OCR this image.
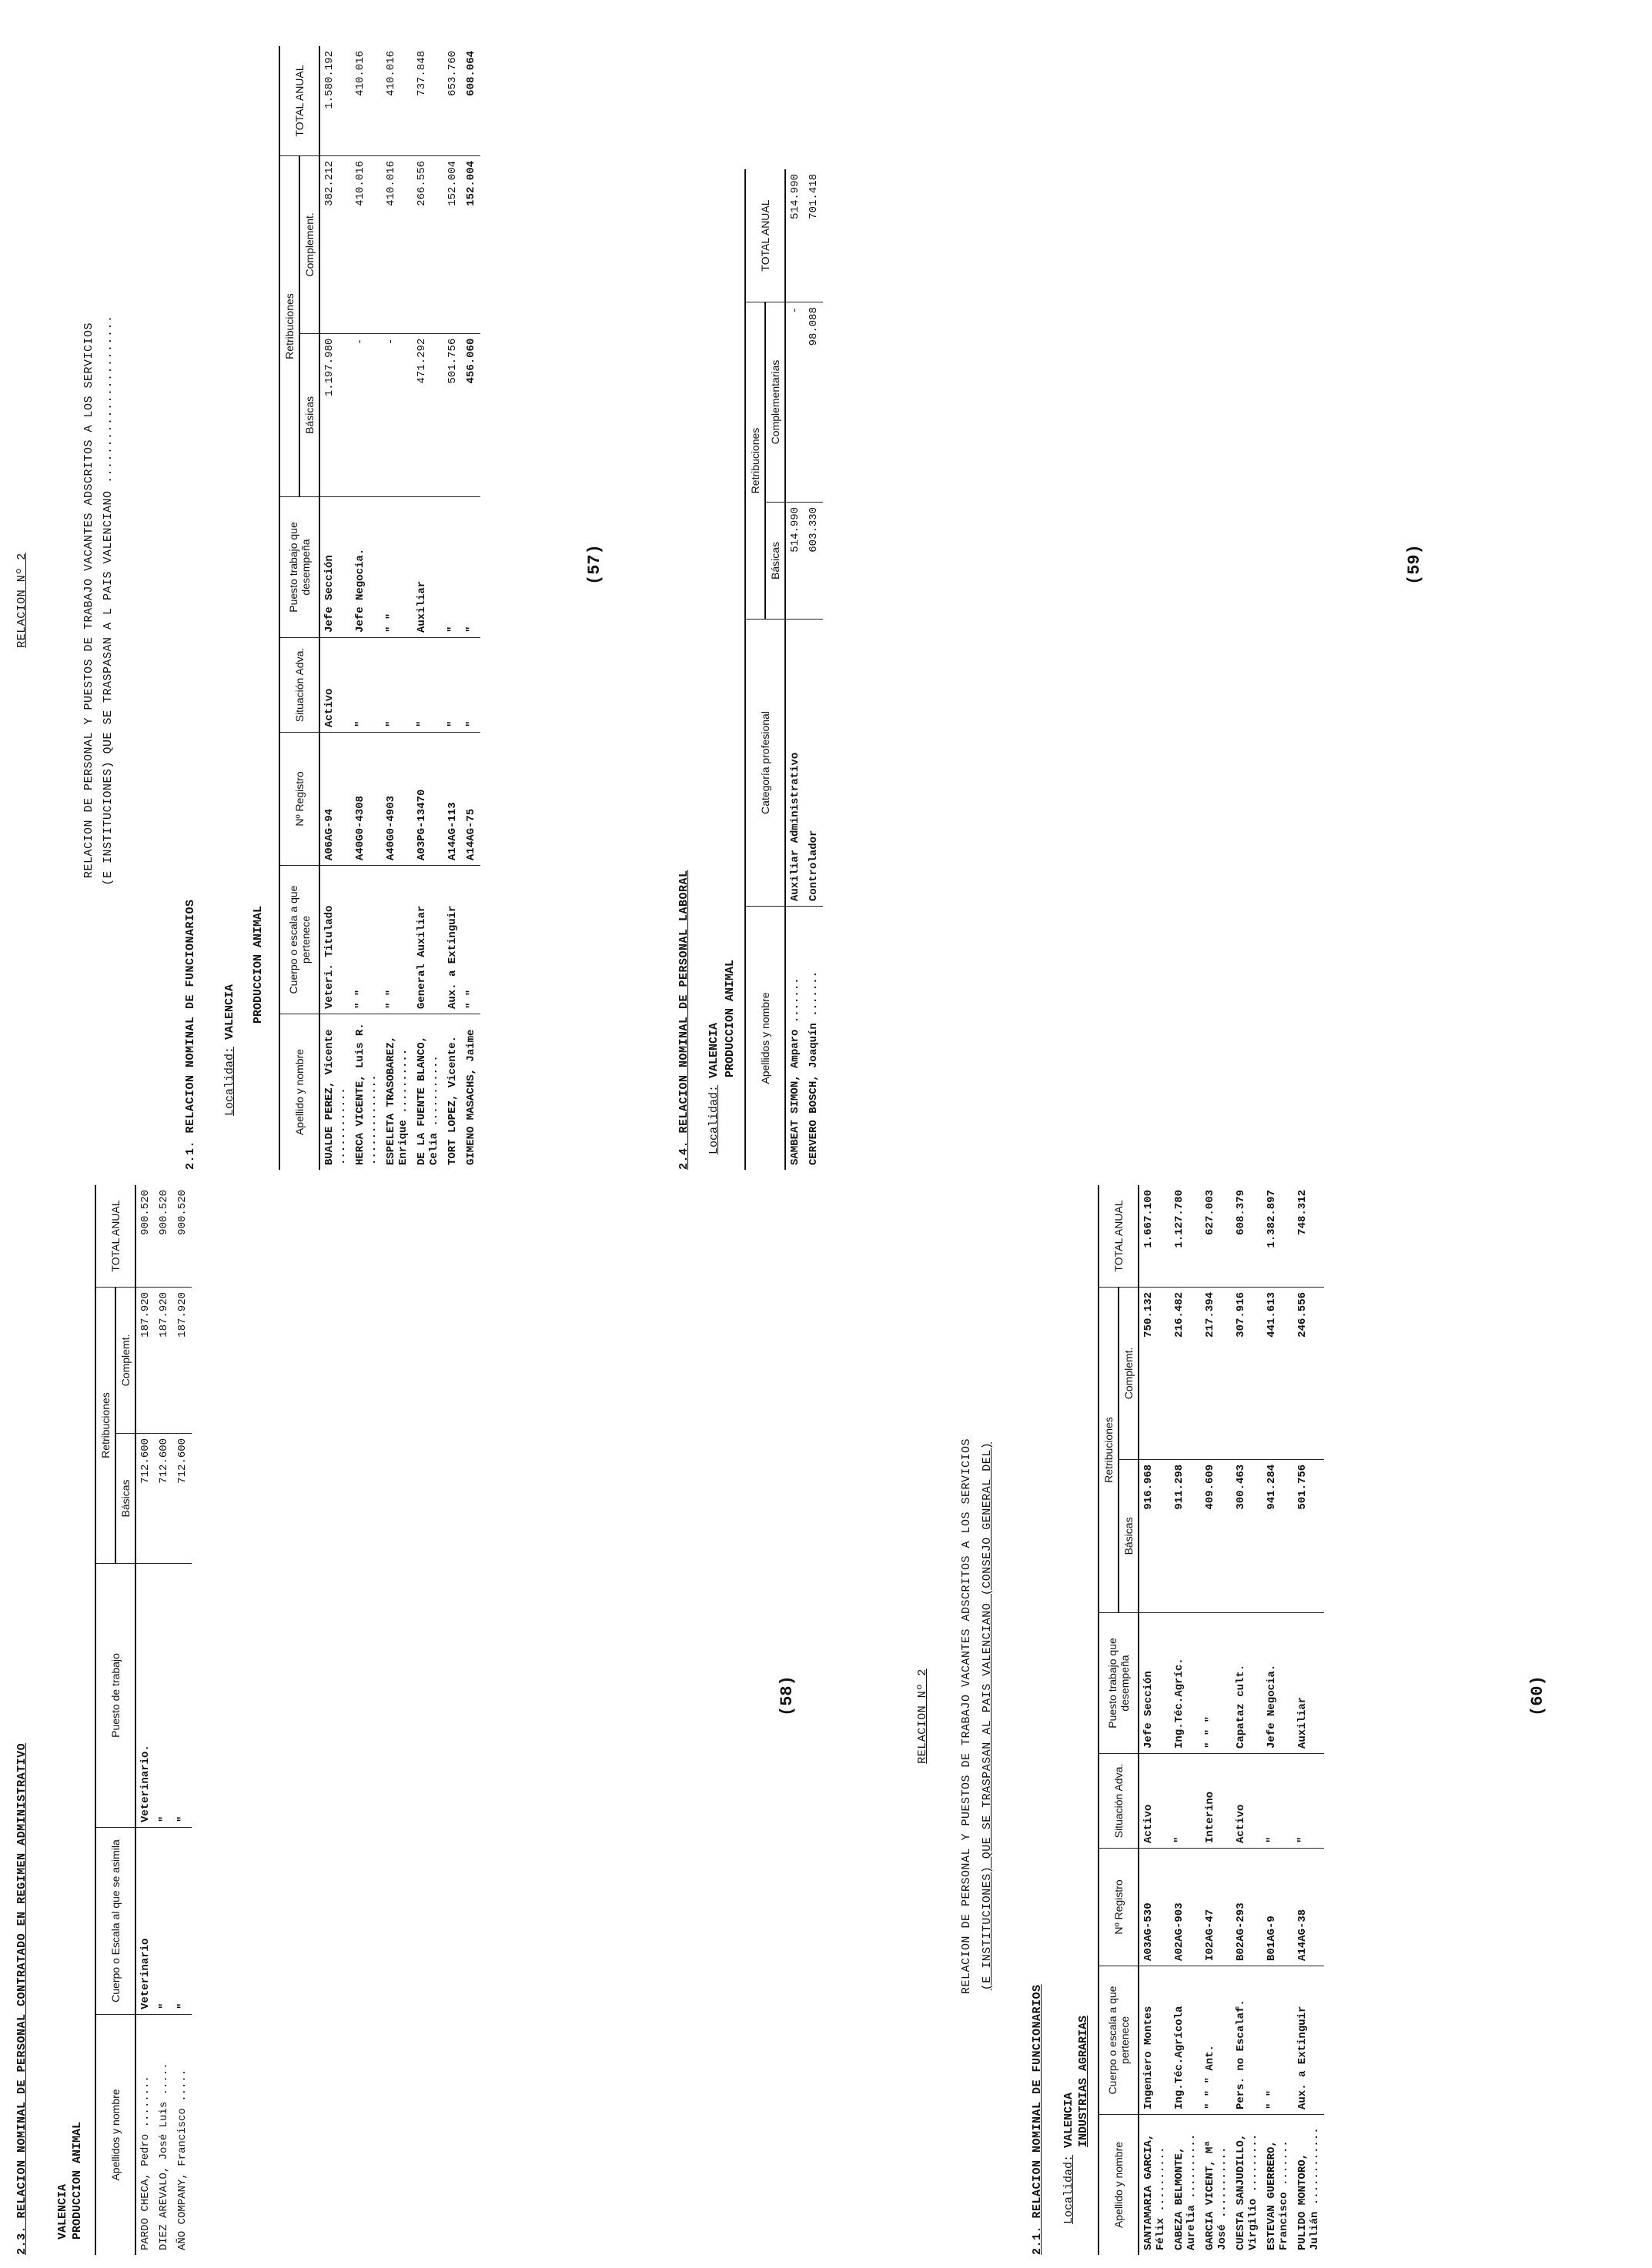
RELACION Nº 2	RELACION DE PERSONAL Y PUESTOS DE TRABAJO VACANTES ADSCRITOS A LOS SERVICIOS (E INSTITUCIONES) QUE SE TRASPASAN A L PAIS VALENCIANO .......................
2.1. RELACION NOMINAL DE FUNCIONARIOS Localidad: VALENCIA PRODUCCION ANIMAL
Apellido y nombre	Cuerpo o escala a que pertenece	Nº Registro	Situación Adva.	Puesto trabajo que desempeña	Retribuciones		TOTAL ANUAL
					Básicas	Complement.	
BUALDE PEREZ, Vicente ............	Veteri. Titulado	A06AG-94	Activo	Jefe Sección	1.197.980	382.212	1.580.192
HERCA VICENTE, Luis R. ..............	" "	A40G0-4308	"	Jefe Negocia.	-	410.016	410.016
ESPELETA TRASOBAREZ, Enrique ..........	" "	A40G0-4903	"	" "	-	410.016	410.016
DE LA FUENTE BLANCO, Celia ...........	General Auxiliar	A03PG-13470	"	Auxiliar	471.292	266.556	737.848
TORT LOPEZ, Vicente.	Aux. a Extinguir	A14AG-113	"	"	501.756	152.004	653.760
GIMENO MASACHS, Jaime	" "	A14AG-75	"	"	456.060	152.004	608.064
(57)
2.4. RELACION NOMINAL DE PERSONAL LABORAL Localidad: VALENCIA PRODUCCION ANIMAL Apellidos y nombre	Categoría profesional	Retribuciones		TOTAL ANUAL
		Básicas	Complementarias	
SAMBEAT SIMON, Amparo .......	Auxiliar Administrativo	514.990	-	514.990
CERVERO BOSCH, Joaquín .......	Controlador	603.330	98.088	701.418
(59)
2.3. RELACION NOMINAL DE PERSONAL CONTRATADO EN REGIMEN ADMINISTRATIVO VALENCIA PRODUCCION ANIMAL Apellidos y nombre	Cuerpo o Escala al que se asimila	Puesto de trabajo	Retribuciones		TOTAL ANUAL
			Básicas	Complemt.	
PARDO CHECA, Pedro ........	Veterinario	Veterinario.	712.600	187.920	900.520
DIEZ AREVALO, José Luis .....	"	"	712.600	187.920	900.520
AÑO COMPANY, Francisco .....	"	"	712.600	187.920	900.520
(58)	RELACION Nº 2	RELACION DE PERSONAL Y PUESTOS DE TRABAJO VACANTES ADSCRITOS A LOS SERVICIOS (E INSTITUCIONES) QUE SE TRASPASAN AL PAIS VALENCIANO (CONSEJO GENERAL DEL)
2.1. RELACION NOMINAL DE FUNCIONARIOS Localidad: VALENCIA INDUSTRIAS AGRARIAS
Apellido y nombre	Cuerpo o escala a que pertenece	Nº Registro	Situación Adva.	Puesto trabajo que desempeña	Retribuciones		TOTAL ANUAL
					Básicas	Complemt.	
SANTAMARIA GARCIA, Félix ..........	Ingeniero Montes	A03AG-530	Activo	Jefe Sección	916.968	750.132	1.667.100
CABEZA BELMONTE, Aurelia ..........	Ing.Téc.Agrícola	A02AG-903	"	Ing.Téc.Agríc.	911.298	216.482	1.127.780
GARCIA VICENT, Mª José ...........	" " " Ant.	I02AG-47	Interino	" " "	409.609	217.394	627.003
CUESTA SANJUDILLO, Virgilio .........	Pers. no Escalaf.	B02AG-293	Activo	Capataz cult.	300.463	307.916	608.379
ESTEVAN GUERRERO, Francisco .......	" "	B01AG-9	"	Jefe Negocia.	941.284	441.613	1.382.897
PULIDO MONTORO, Julián ............	Aux. a Extinguir	A14AG-38	"	Auxiliar	501.756	246.556	748.312
(60)
